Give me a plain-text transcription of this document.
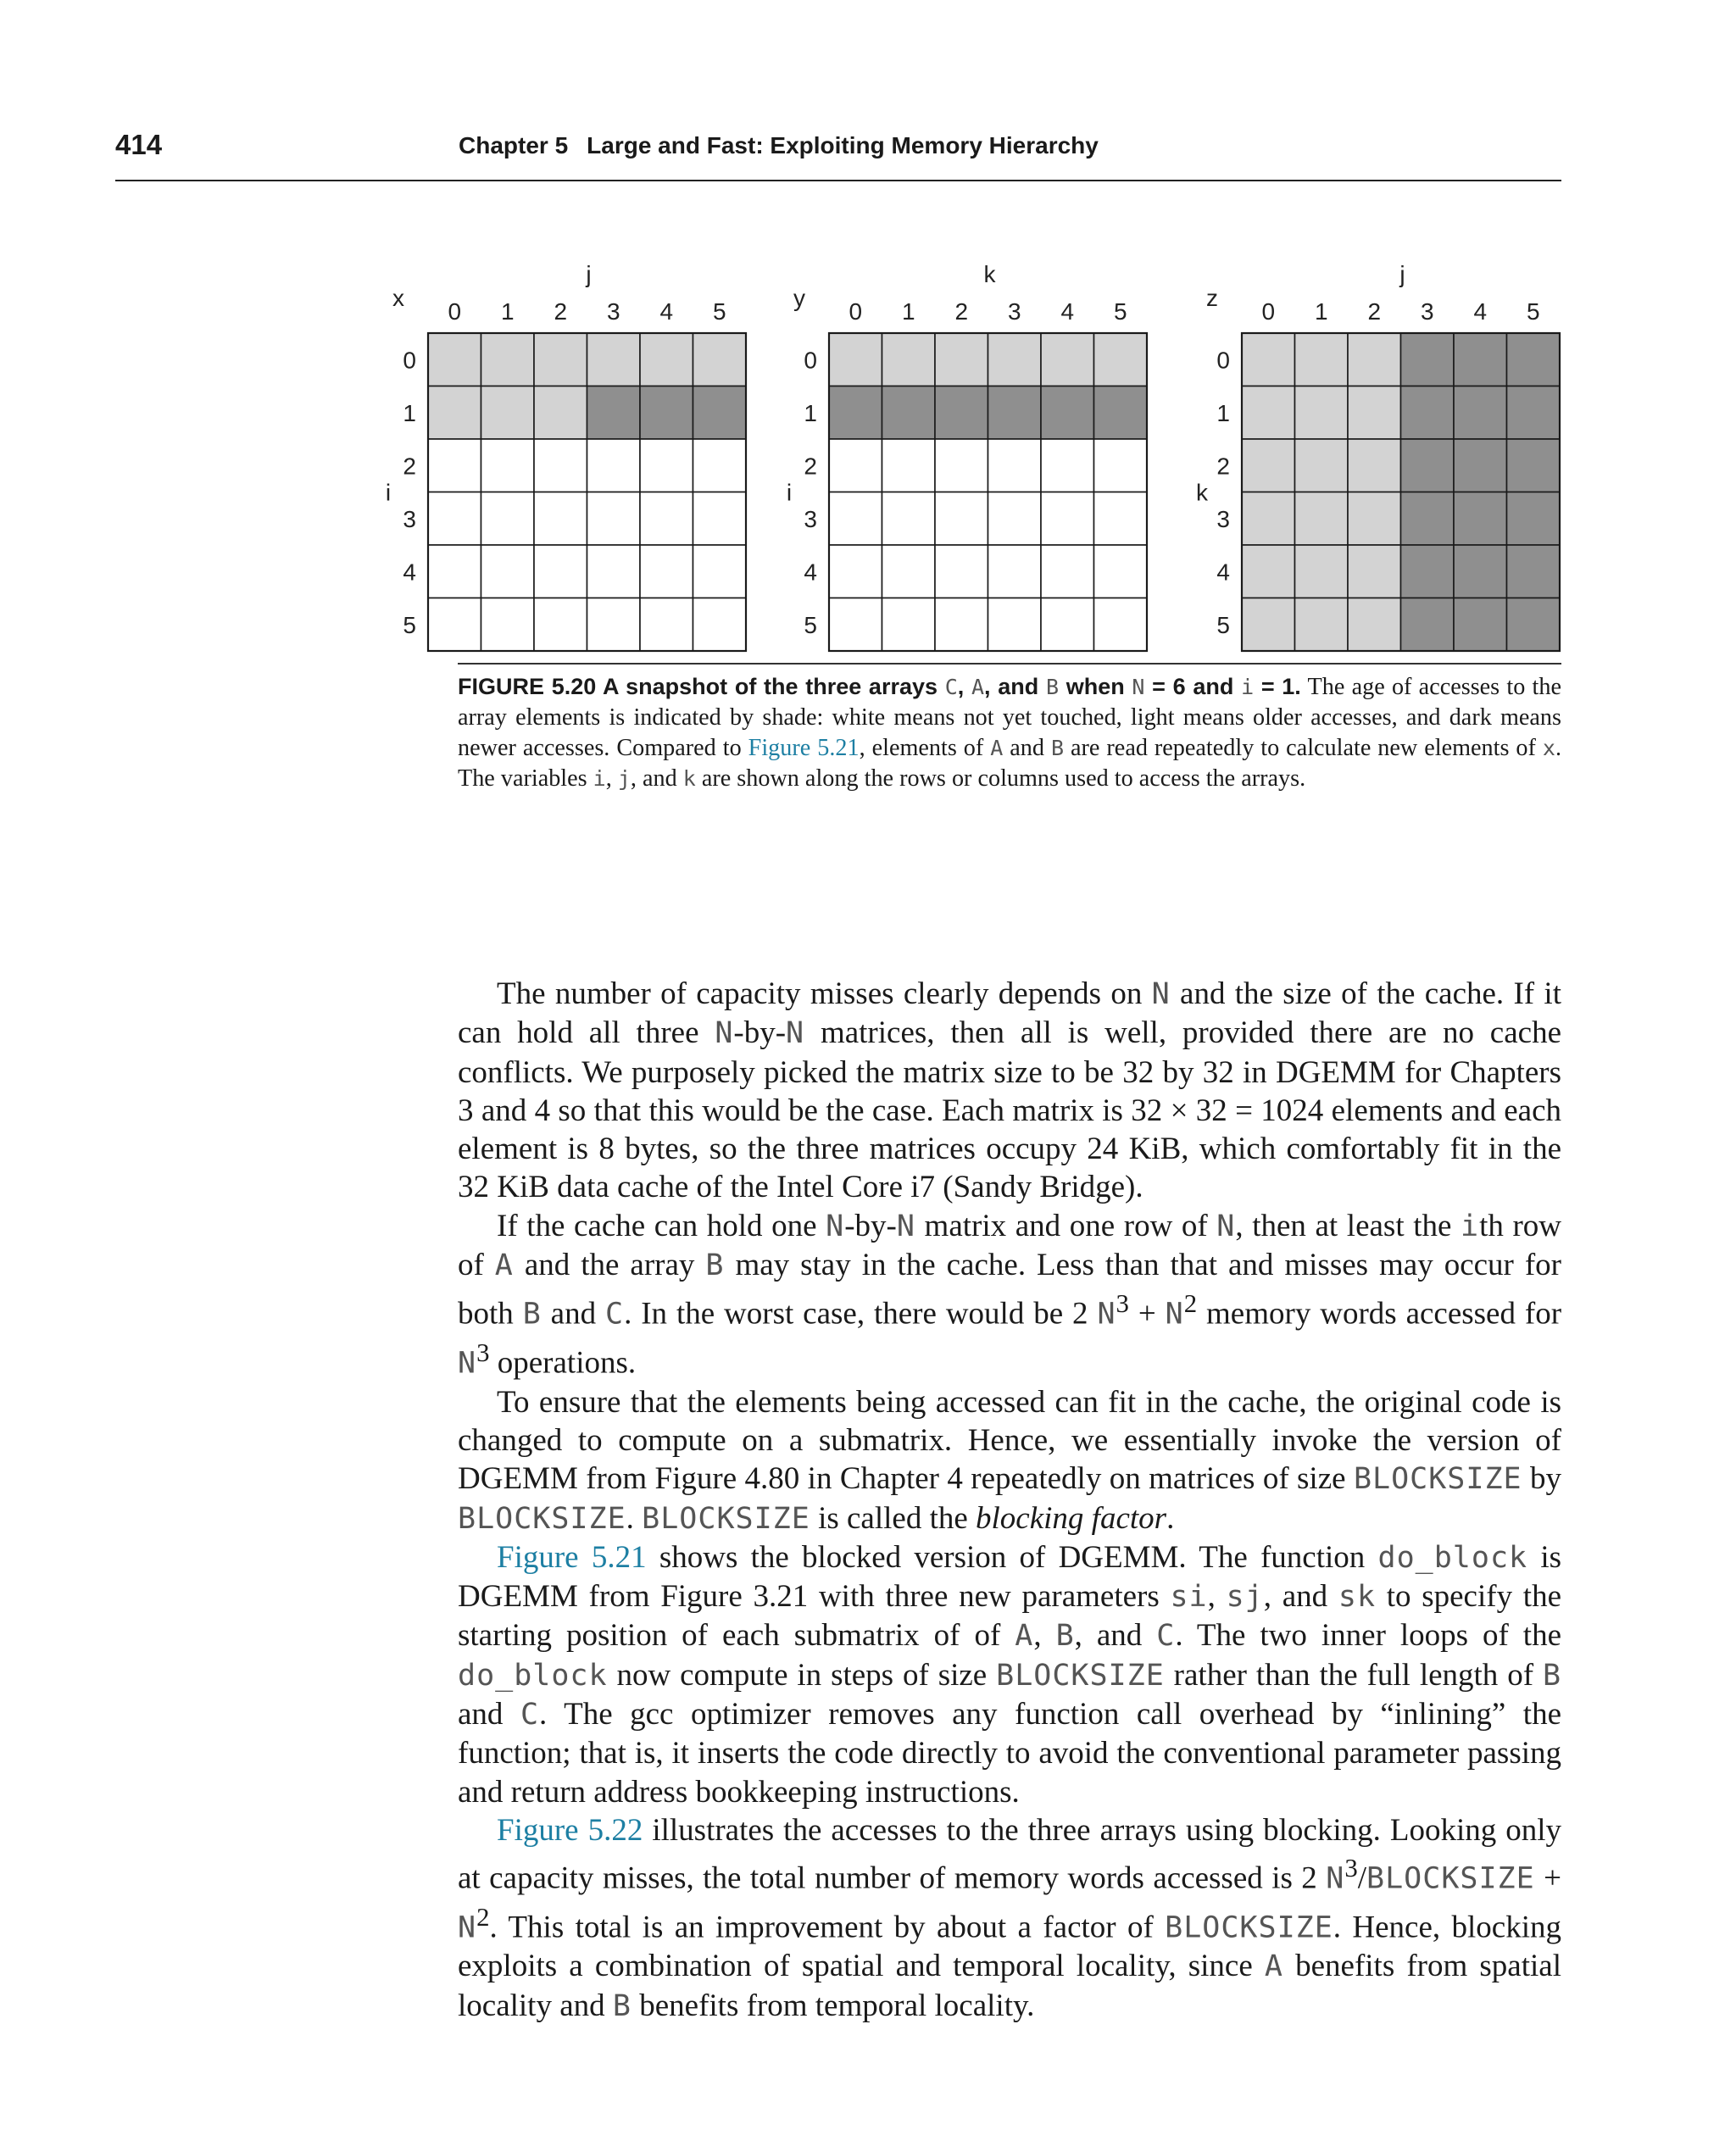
414	Chapter 5 Large and Fast: Exploiting Memory Hierarchy
0 1 2 3 4 5
0
1
2
3
4
5
j
x
i
0 1 2 3 4 5
0
1
2
3
4
5
k
y
i
0 1 2 3 4 5
0
1
2
3
4
5
j
z
k
FIGURE 5.20 A snapshot of the three arrays C, A, and B when N = 6 and i = 1. The age of accesses to the array elements is indicated by shade: white means not yet touched, light means older accesses, and dark means newer accesses. Compared to Figure 5.21, elements of A and B are read repeatedly to calculate new elements of x. The variables i, j, and k are shown along the rows or columns used to access the arrays.

The number of capacity misses clearly depends on N and the size of the cache. If it can hold all three N-by-N matrices, then all is well, provided there are no cache conflicts. We purposely picked the matrix size to be 32 by 32 in DGEMM for Chapters 3 and 4 so that this would be the case. Each matrix is 32 × 32 = 1024 elements and each element is 8 bytes, so the three matrices occupy 24 KiB, which comfortably fit in the 32 KiB data cache of the Intel Core i7 (Sandy Bridge).

If the cache can hold one N-by-N matrix and one row of N, then at least the ith row of A and the array B may stay in the cache. Less than that and misses may occur for both B and C. In the worst case, there would be 2 $N^3 + N^2$ memory words accessed for $N^3$ operations.

To ensure that the elements being accessed can fit in the cache, the original code is changed to compute on a submatrix. Hence, we essentially invoke the version of DGEMM from Figure 4.80 in Chapter 4 repeatedly on matrices of size BLOCKSIZE by BLOCKSIZE. BLOCKSIZE is called the blocking factor.

Figure 5.21 shows the blocked version of DGEMM. The function do_block is DGEMM from Figure 3.21 with three new parameters si, sj, and sk to specify the starting position of each submatrix of of A, B, and C. The two inner loops of the do_block now compute in steps of size BLOCKSIZE rather than the full length of B and C. The gcc optimizer removes any function call overhead by “inlining” the function; that is, it inserts the code directly to avoid the conventional parameter passing and return address bookkeeping instructions.

Figure 5.22 illustrates the accesses to the three arrays using blocking. Looking only at capacity misses, the total number of memory words accessed is 2 $N^3$/BLOCKSIZE + $N^2$. This total is an improvement by about a factor of BLOCKSIZE. Hence, blocking exploits a combination of spatial and temporal locality, since A benefits from spatial locality and B benefits from temporal locality.
